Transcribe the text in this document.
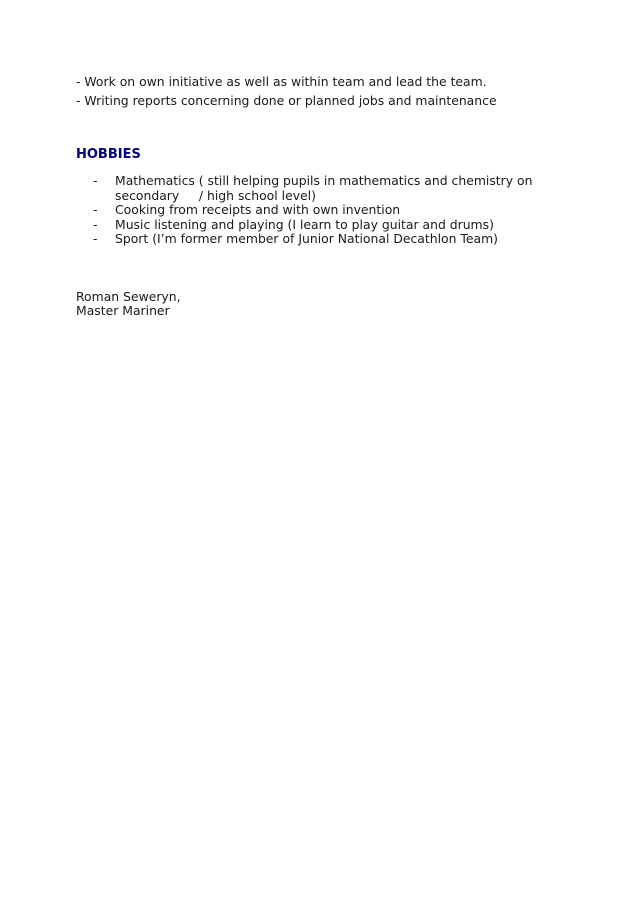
- Work on own initiative as well as within team and lead the team.

- Writing reports concerning done or planned jobs and maintenance

HOBBIES
- Mathematics ( still helping pupils in mathematics and chemistry on
secondary     / high school level)
- Cooking from receipts and with own invention
- Music listening and playing (I learn to play guitar and drums)
- Sport (I’m former member of Junior National Decathlon Team)

Roman Seweryn,

Master Mariner
